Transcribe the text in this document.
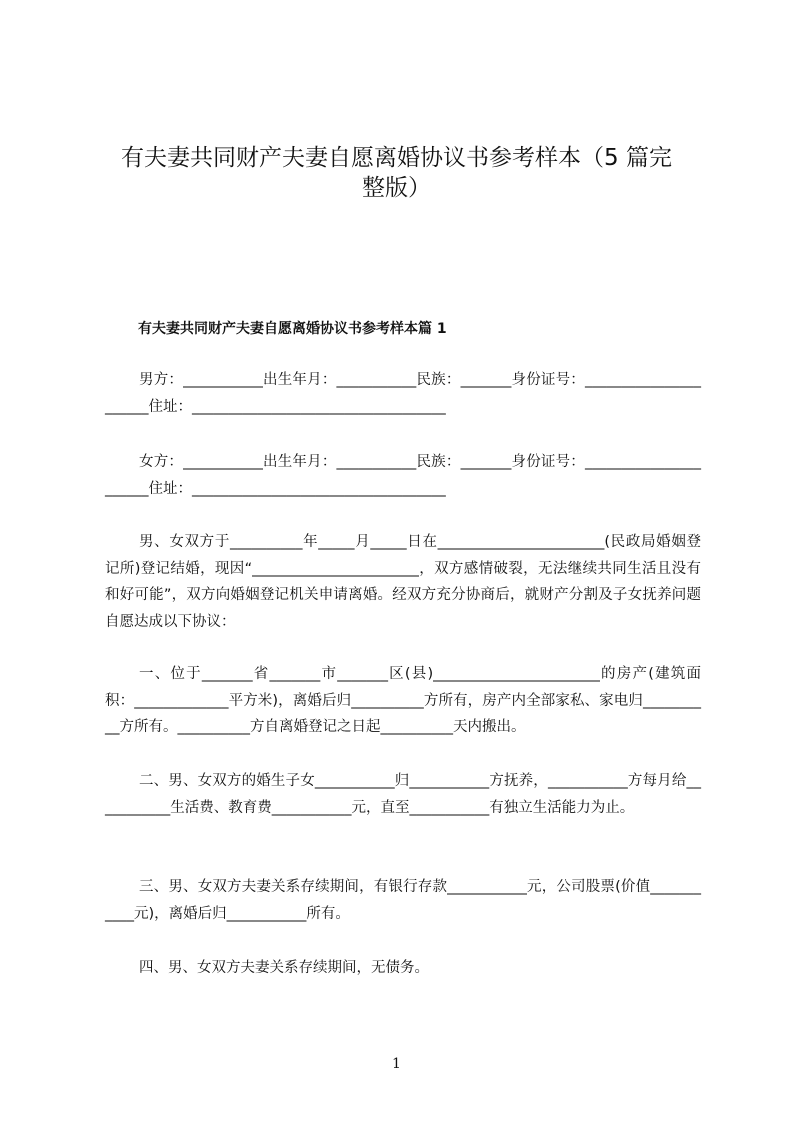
有夫妻共同财产夫妻自愿离婚协议书参考样本（5 篇完
整版）
有夫妻共同财产夫妻自愿离婚协议书参考样本篇 1

男方：___________出生年月：___________民族：_______身份证号：______________________住址：___________________________________

女方：___________出生年月：___________民族：_______身份证号：______________________住址：___________________________________

男、女双方于__________年_____月_____日在_______________________(民政局婚姻登记所)登记结婚，现因“_______________________，双方感情破裂，无法继续共同生活且没有和好可能”，双方向婚姻登记机关申请离婚。经双方充分协商后，就财产分割及子女抚养问题自愿达成以下协议：

一、位于_______省_______市_______区(县)_______________________的房产(建筑面积：_____________平方米)，离婚后归__________方所有，房产内全部家私、家电归__________方所有。__________方自离婚登记之日起__________天内搬出。

二、男、女双方的婚生子女___________归___________方抚养，___________方每月给___________生活费、教育费___________元，直至___________有独立生活能力为止。

三、男、女双方夫妻关系存续期间，有银行存款___________元，公司股票(价值___________元)，离婚后归___________所有。

四、男、女双方夫妻关系存续期间，无债务。

1
